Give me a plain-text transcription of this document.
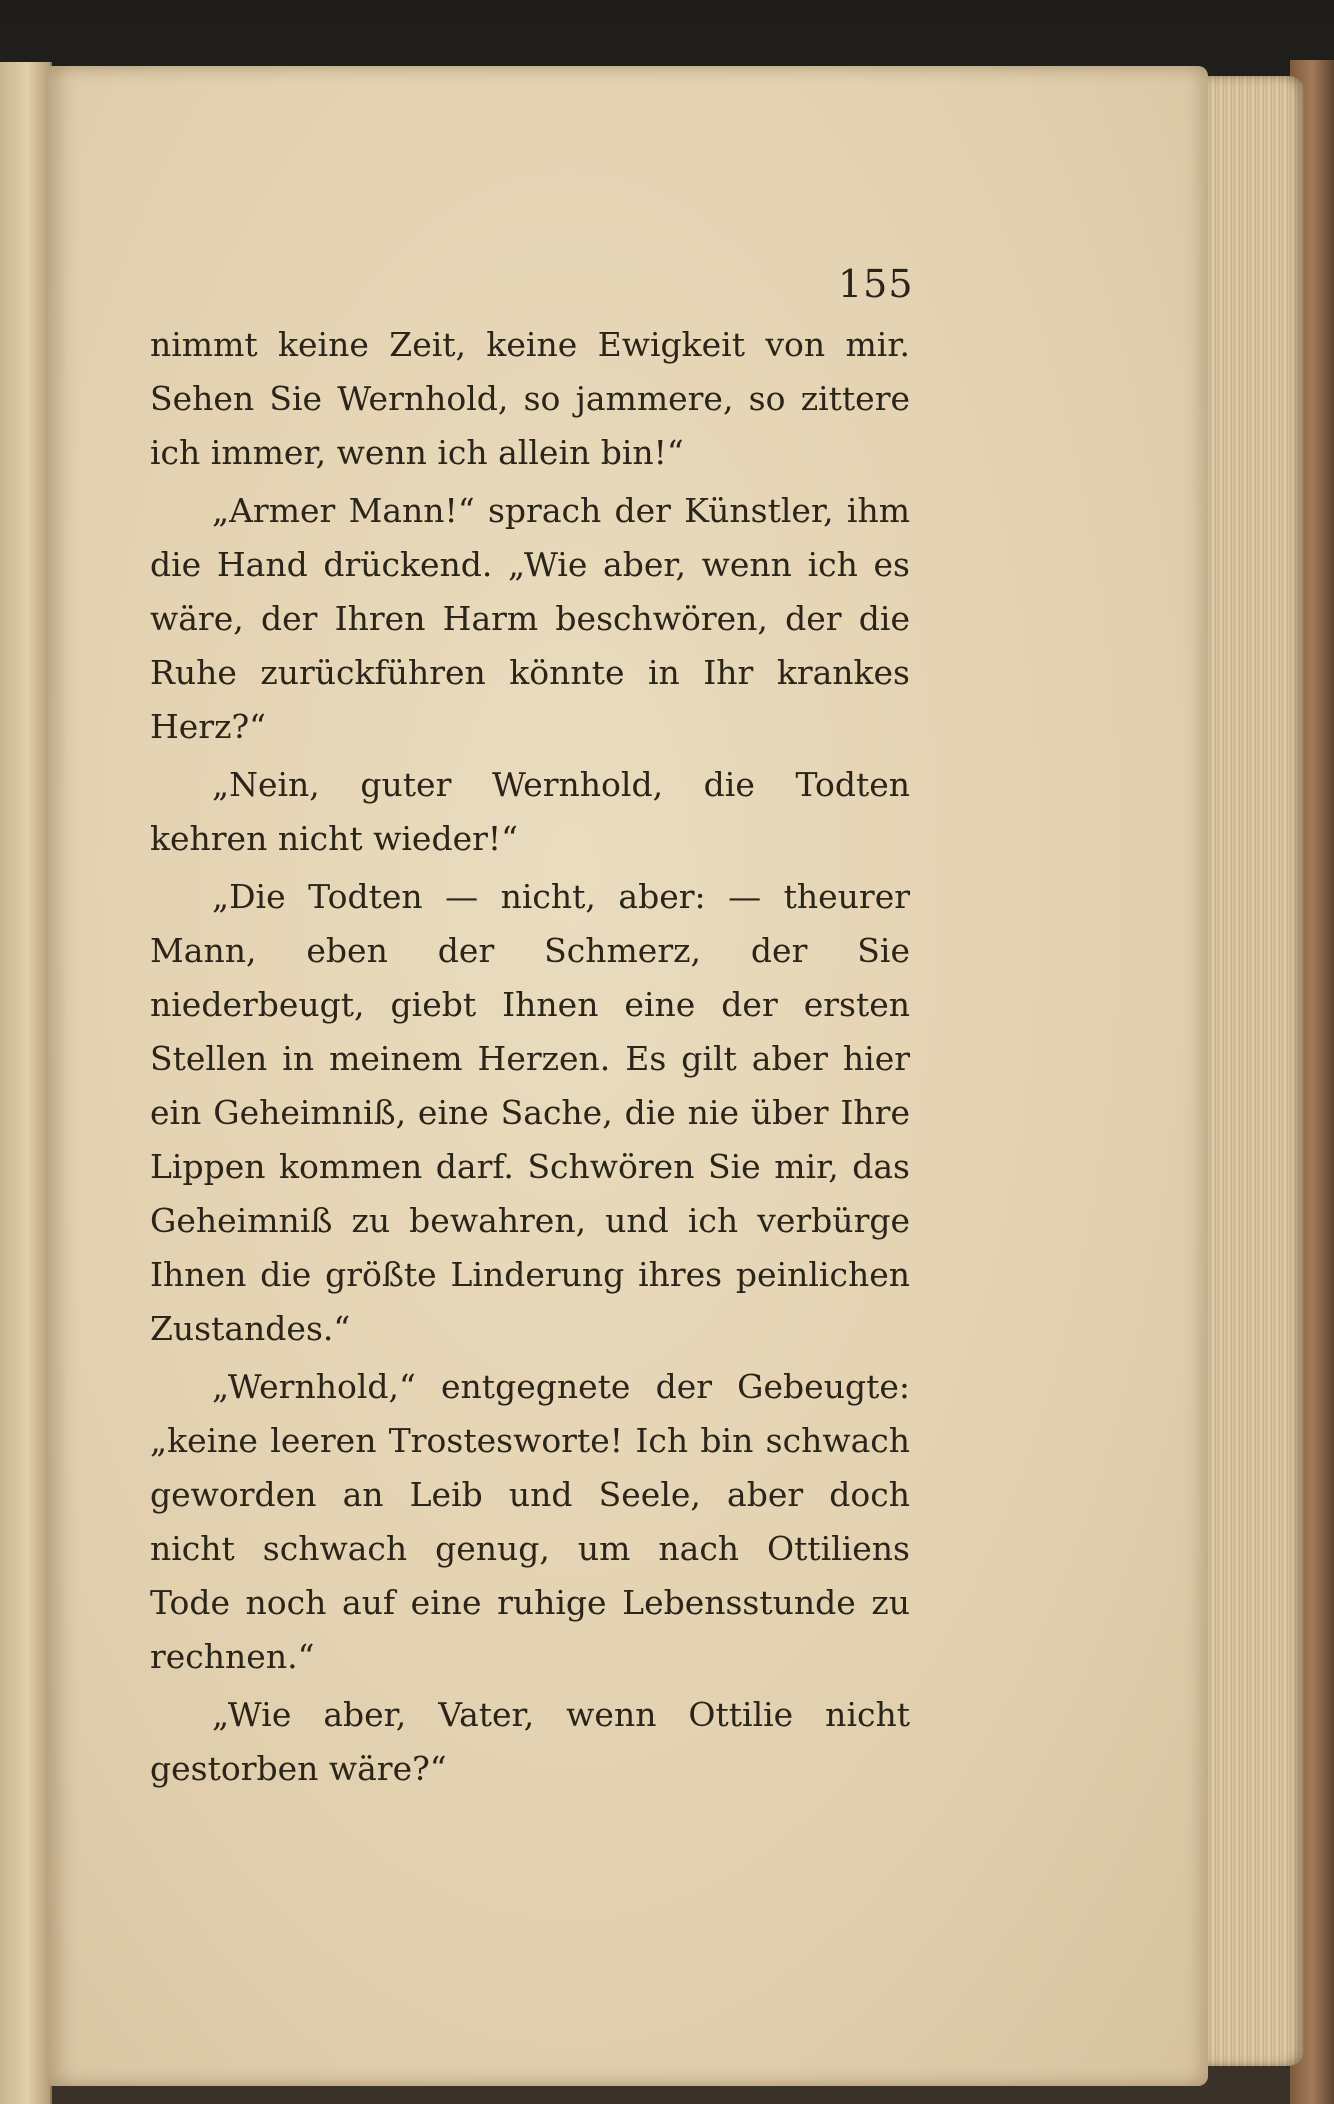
155

nimmt keine Zeit, keine Ewigkeit von mir. Sehen Sie Wernhold, so jammere, so zittere ich immer, wenn ich allein bin!“

„Armer Mann!“ sprach der Künstler, ihm die Hand drückend. „Wie aber, wenn ich es wäre, der Ihren Harm beschwören, der die Ruhe zurückführen könnte in Ihr krankes Herz?“

„Nein, guter Wernhold, die Todten kehren nicht wieder!“

„Die Todten — nicht, aber: — theurer Mann, eben der Schmerz, der Sie niederbeugt, giebt Ihnen eine der ersten Stellen in meinem Herzen. Es gilt aber hier ein Geheimniß, eine Sache, die nie über Ihre Lippen kommen darf. Schwören Sie mir, das Geheimniß zu bewahren, und ich verbürge Ihnen die größte Linderung ihres peinlichen Zustandes.“

„Wernhold,“ entgegnete der Gebeugte: „keine leeren Trostesworte! Ich bin schwach geworden an Leib und Seele, aber doch nicht schwach genug, um nach Ottiliens Tode noch auf eine ruhige Lebensstunde zu rechnen.“

„Wie aber, Vater, wenn Ottilie nicht gestorben wäre?“
